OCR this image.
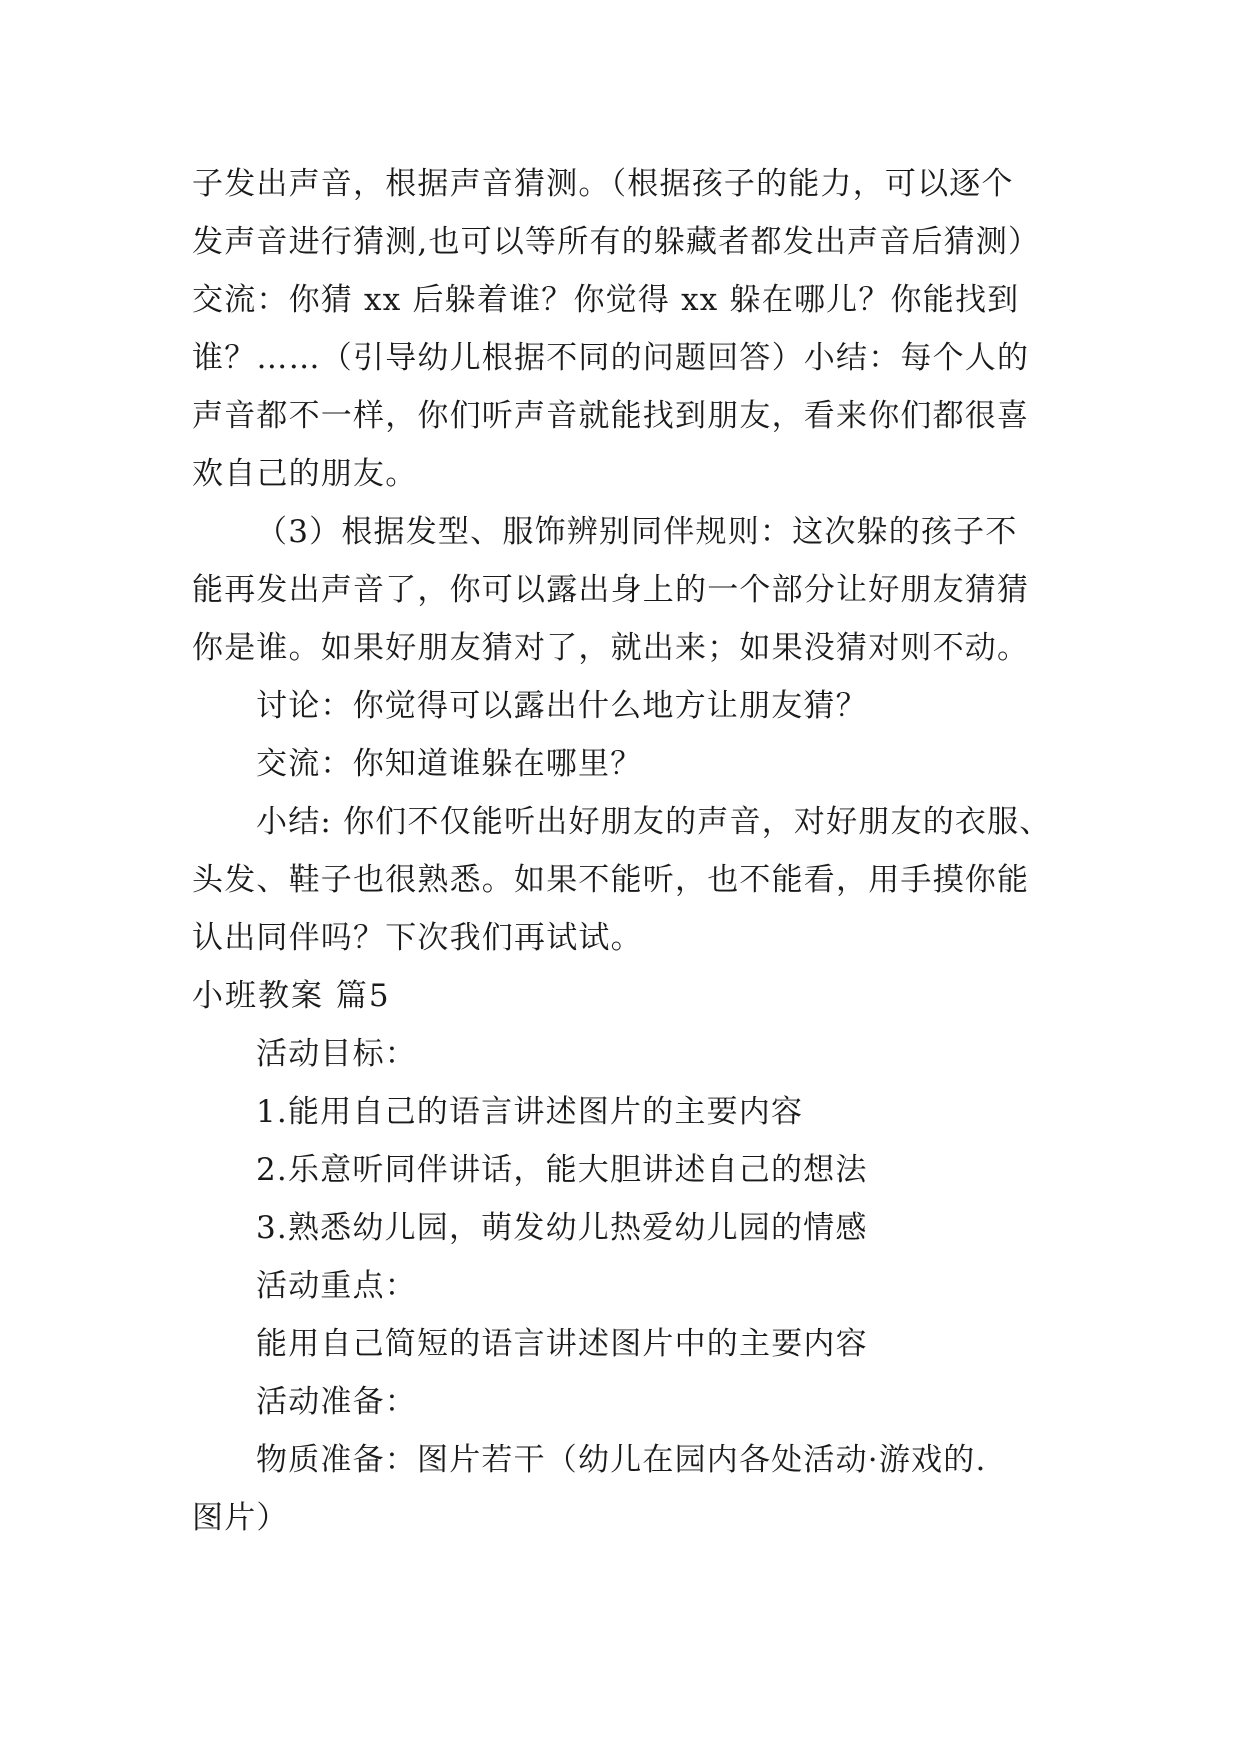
子发出声音，根据声音猜测。（根据孩子的能力，可以逐个
发声音进行猜测,也可以等所有的躲藏者都发出声音后猜测）
交流：你猜 xx 后躲着谁？你觉得 xx 躲在哪儿？你能找到
谁？……（引导幼儿根据不同的问题回答）小结：每个人的
声音都不一样，你们听声音就能找到朋友，看来你们都很喜
欢自己的朋友。
（3）根据发型、服饰辨别同伴规则：这次躲的孩子不
能再发出声音了，你可以露出身上的一个部分让好朋友猜猜
你是谁。如果好朋友猜对了，就出来；如果没猜对则不动。
讨论：你觉得可以露出什么地方让朋友猜？
交流：你知道谁躲在哪里？
小结: 你们不仅能听出好朋友的声音，对好朋友的衣服、
头发、鞋子也很熟悉。如果不能听，也不能看，用手摸你能
认出同伴吗？下次我们再试试。
小班教案 篇5
活动目标：
1.能用自己的语言讲述图片的主要内容
2.乐意听同伴讲话，能大胆讲述自己的想法
3.熟悉幼儿园，萌发幼儿热爱幼儿园的情感
活动重点：
能用自己简短的语言讲述图片中的主要内容
活动准备：
物质准备：图片若干（幼儿在园内各处活动·游戏的.
图片）
